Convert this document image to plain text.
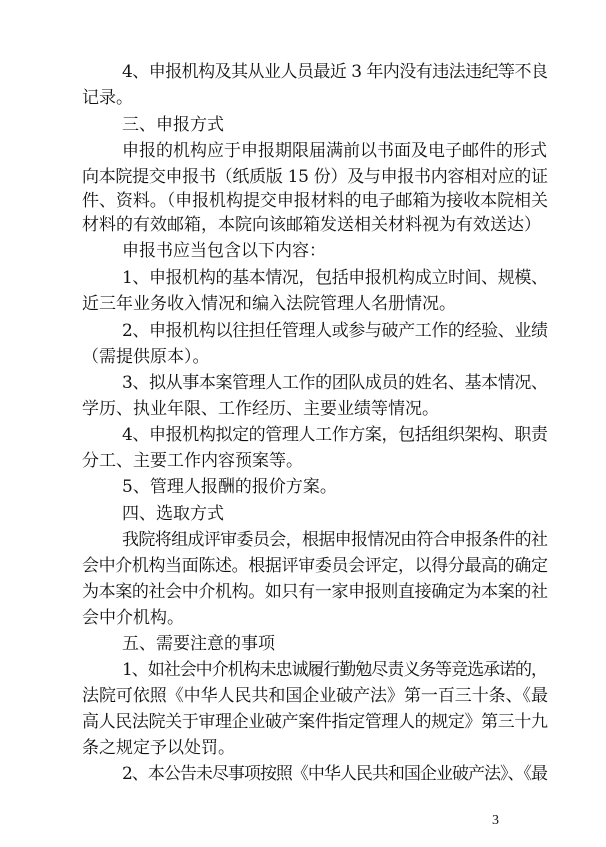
4、申报机构及其从业人员最近 3 年内没有违法违纪等不良
记录。
三、申报方式
申报的机构应于申报期限届满前以书面及电子邮件的形式
向本院提交申报书（纸质版 15 份）及与申报书内容相对应的证
件、资料。（申报机构提交申报材料的电子邮箱为接收本院相关
材料的有效邮箱，本院向该邮箱发送相关材料视为有效送达）
申报书应当包含以下内容：
1、申报机构的基本情况，包括申报机构成立时间、规模、
近三年业务收入情况和编入法院管理人名册情况。
2、申报机构以往担任管理人或参与破产工作的经验、业绩
（需提供原本）。
3、拟从事本案管理人工作的团队成员的姓名、基本情况、
学历、执业年限、工作经历、主要业绩等情况。
4、申报机构拟定的管理人工作方案，包括组织架构、职责
分工、主要工作内容预案等。
5、管理人报酬的报价方案。
四、选取方式
我院将组成评审委员会，根据申报情况由符合申报条件的社
会中介机构当面陈述。根据评审委员会评定，以得分最高的确定
为本案的社会中介机构。如只有一家申报则直接确定为本案的社
会中介机构。
五、需要注意的事项
1、如社会中介机构未忠诚履行勤勉尽责义务等竞选承诺的，
法院可依照《中华人民共和国企业破产法》第一百三十条、《最
高人民法院关于审理企业破产案件指定管理人的规定》第三十九
条之规定予以处罚。
2、本公告未尽事项按照《中华人民共和国企业破产法》、《最
3
